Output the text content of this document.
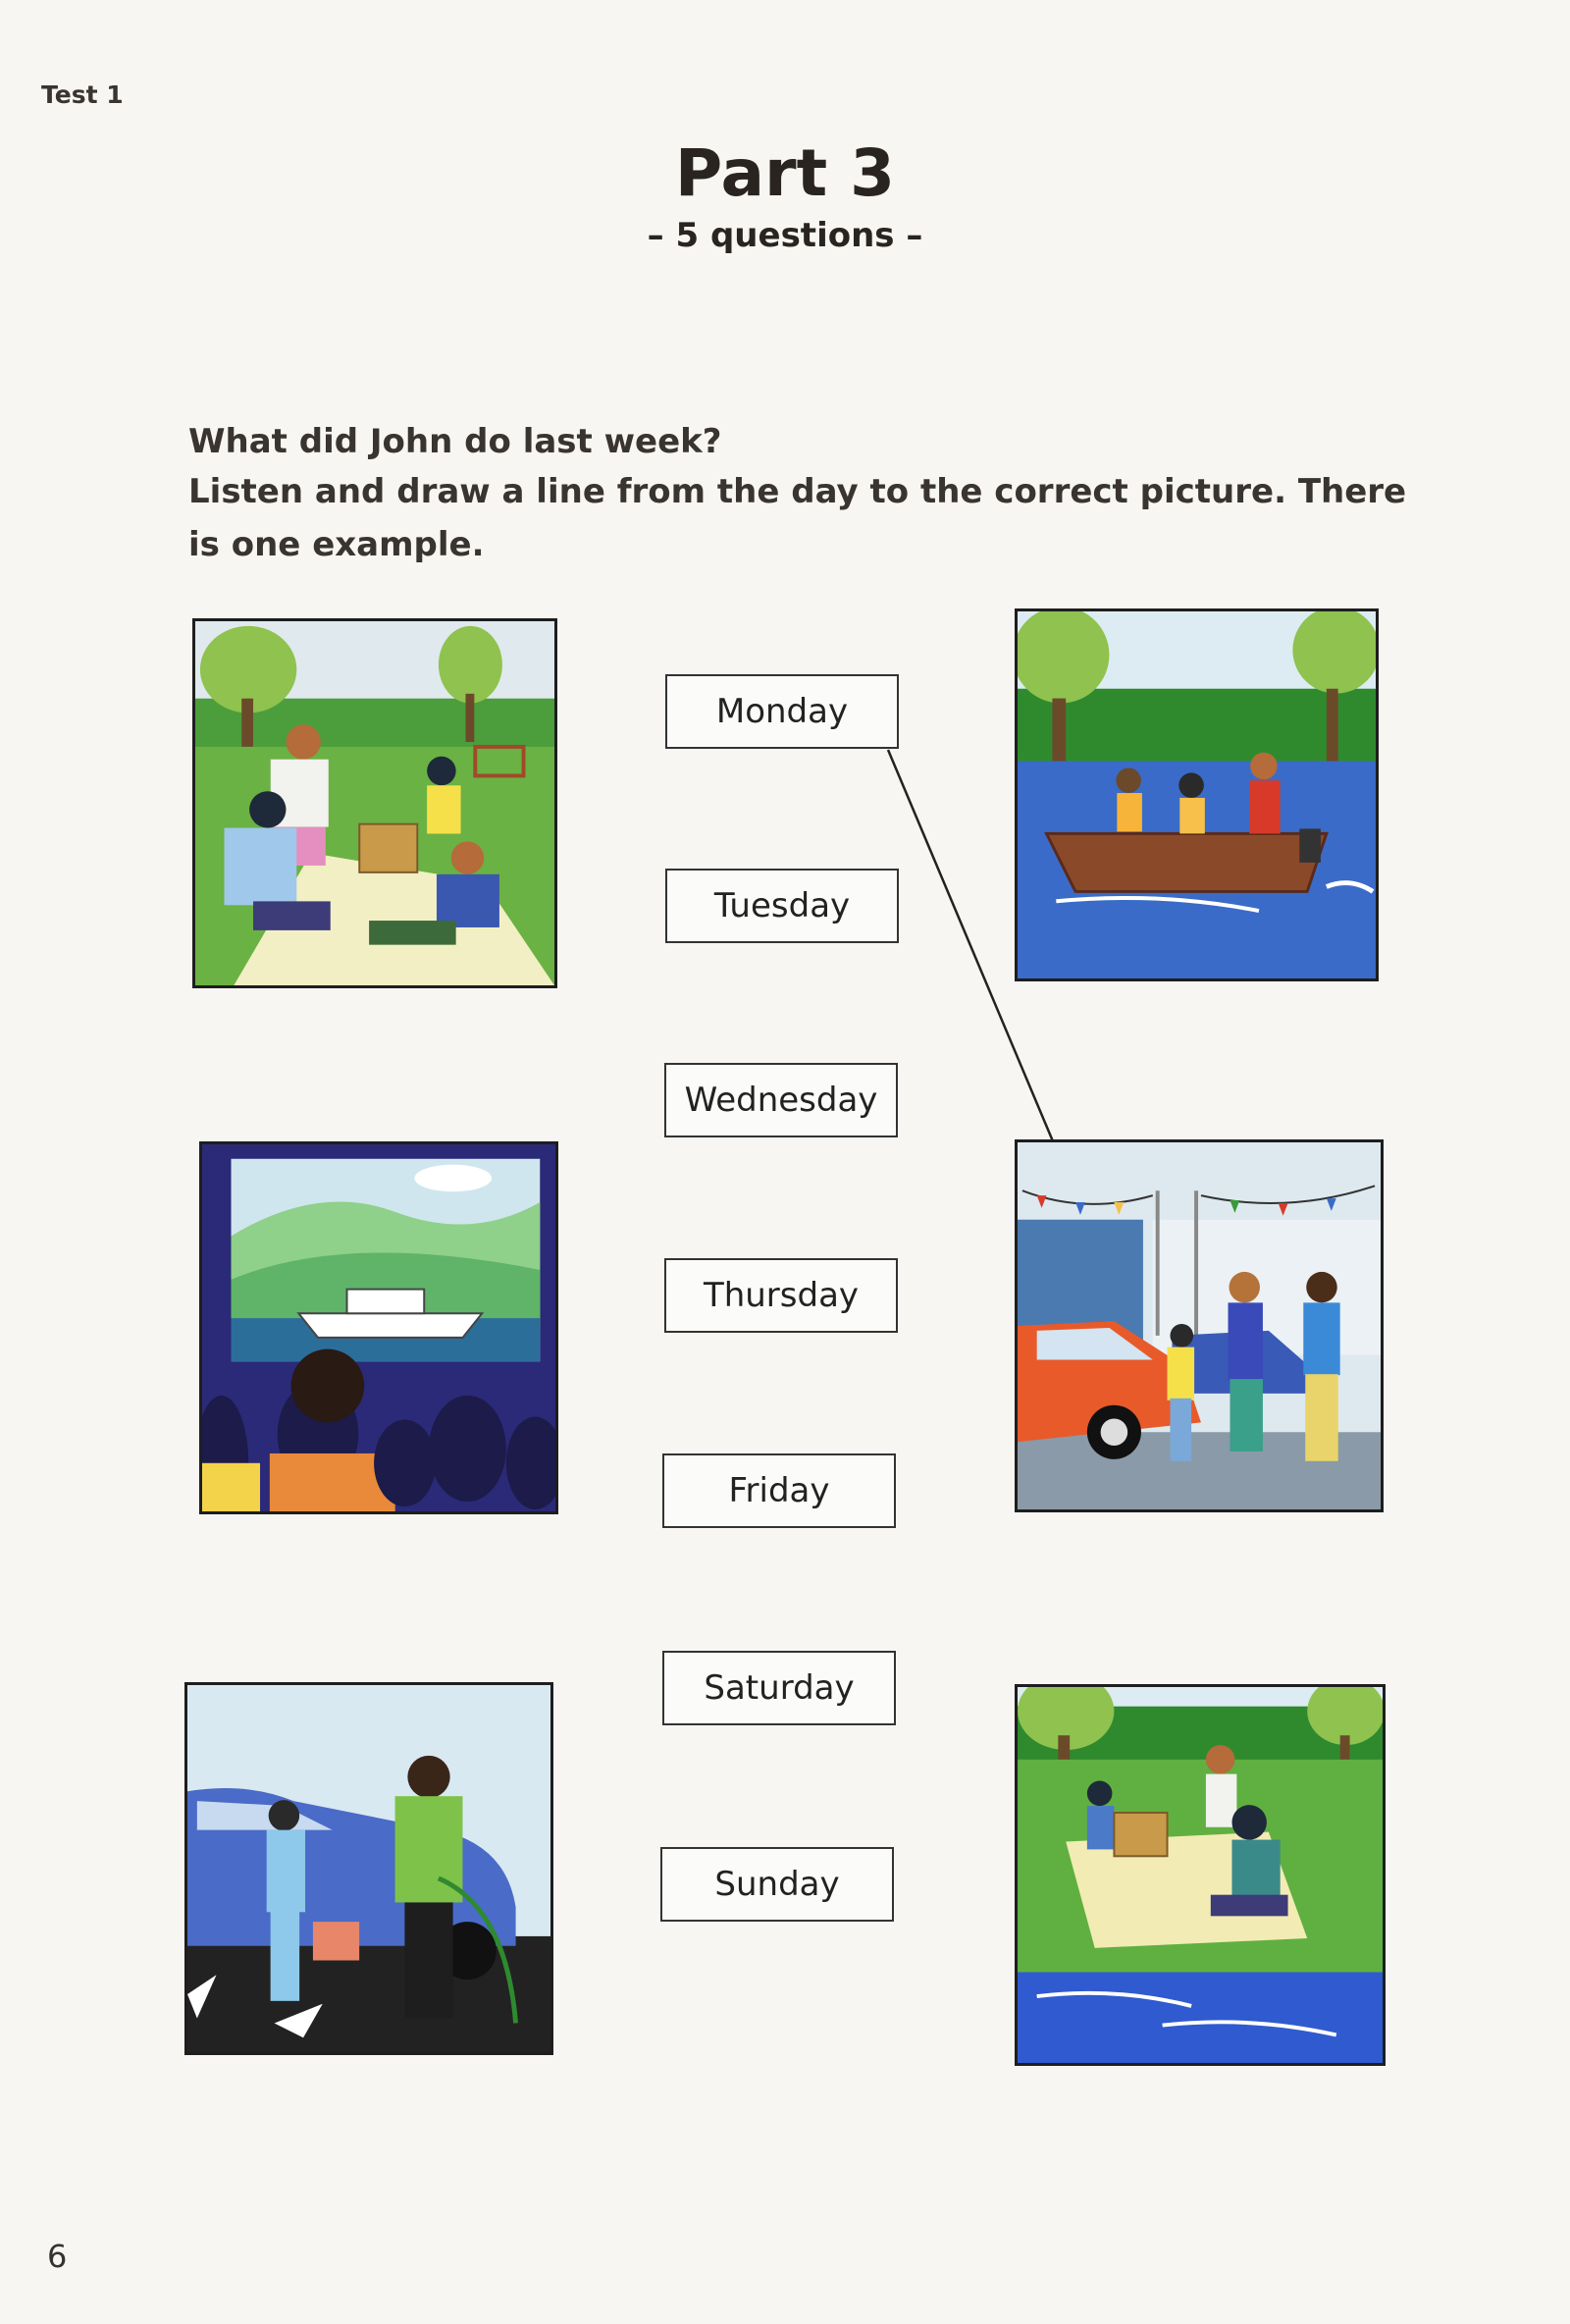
Test 1
Part 3
– 5 questions –
What did John do last week?
Listen and draw a line from the day to the correct picture. There
is one example.
Monday
Tuesday
Wednesday
Thursday
Friday
Saturday
Sunday
6
